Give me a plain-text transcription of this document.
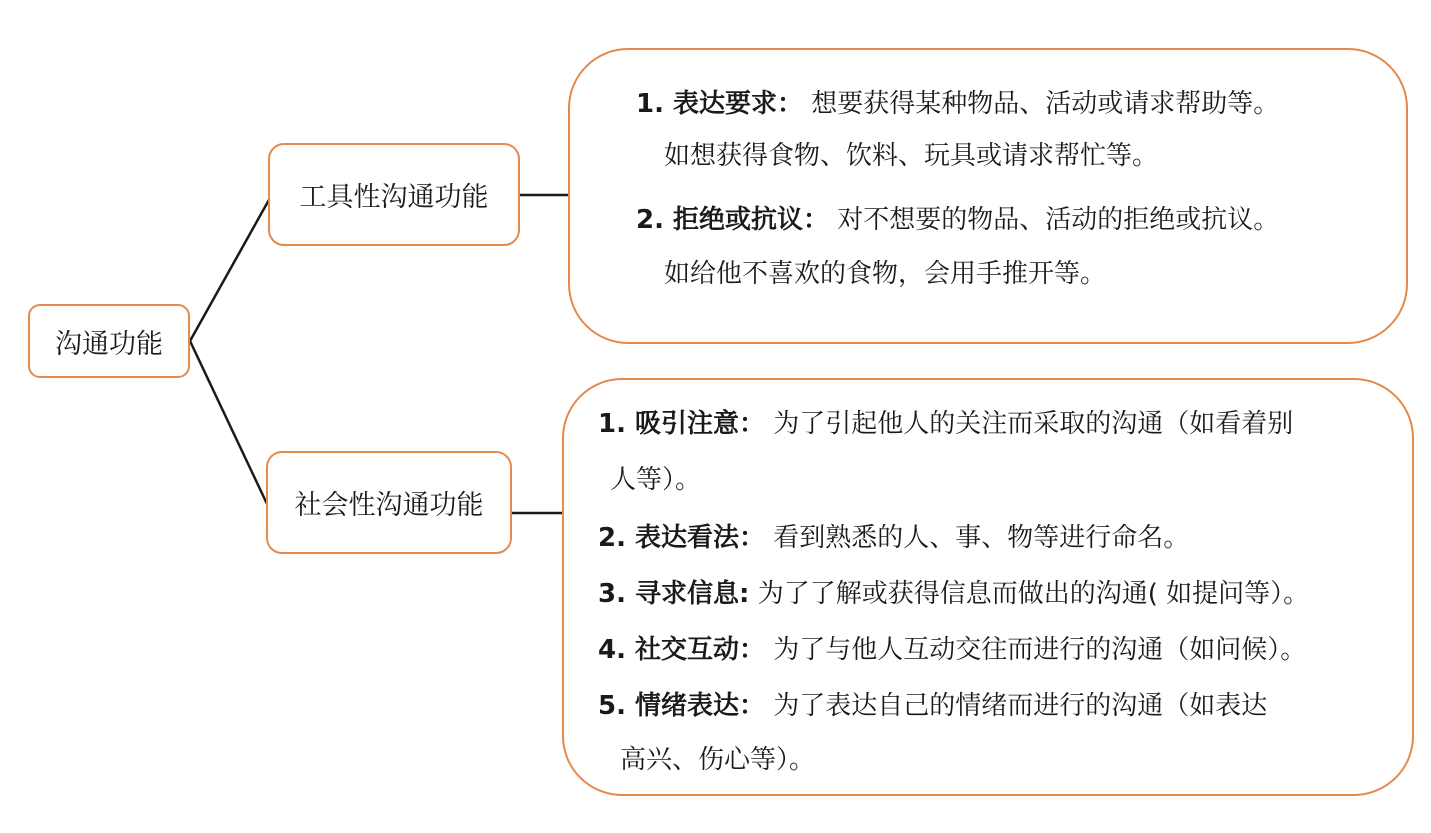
沟通功能
工具性沟通功能
社会性沟通功能
1. 表达要求： 想要获得某种物品、活动或请求帮助等。
如想获得食物、饮料、玩具或请求帮忙等。
2. 拒绝或抗议： 对不想要的物品、活动的拒绝或抗议。
如给他不喜欢的食物，会用手推开等。
1. 吸引注意： 为了引起他人的关注而采取的沟通（如看着别
人等）。
2. 表达看法： 看到熟悉的人、事、物等进行命名。
3. 寻求信息: 为了了解或获得信息而做出的沟通( 如提问等）。
4. 社交互动： 为了与他人互动交往而进行的沟通（如问候）。
5. 情绪表达： 为了表达自己的情绪而进行的沟通（如表达
高兴、伤心等）。
